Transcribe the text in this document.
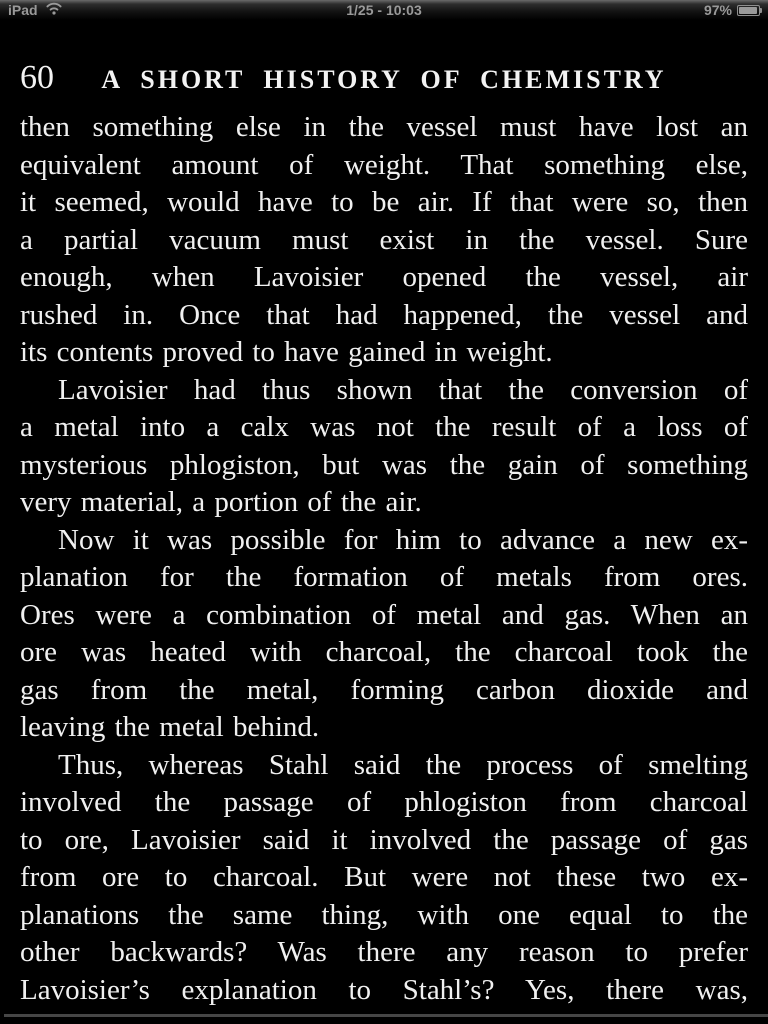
iPad	1/25 - 10:03	97%
60	A SHORT HISTORY OF CHEMISTRY
then something else in the vessel must have lost an
equivalent amount of weight. That something else,
it seemed, would have to be air. If that were so, then
a partial vacuum must exist in the vessel. Sure
enough, when Lavoisier opened the vessel, air
rushed in. Once that had happened, the vessel and
its contents proved to have gained in weight.
Lavoisier had thus shown that the conversion of
a metal into a calx was not the result of a loss of
mysterious phlogiston, but was the gain of something
very material, a portion of the air.
Now it was possible for him to advance a new ex-
planation for the formation of metals from ores.
Ores were a combination of metal and gas. When an
ore was heated with charcoal, the charcoal took the
gas from the metal, forming carbon dioxide and
leaving the metal behind.
Thus, whereas Stahl said the process of smelting
involved the passage of phlogiston from charcoal
to ore, Lavoisier said it involved the passage of gas
from ore to charcoal. But were not these two ex-
planations the same thing, with one equal to the
other backwards? Was there any reason to prefer
Lavoisier’s explanation to Stahl’s? Yes, there was,
